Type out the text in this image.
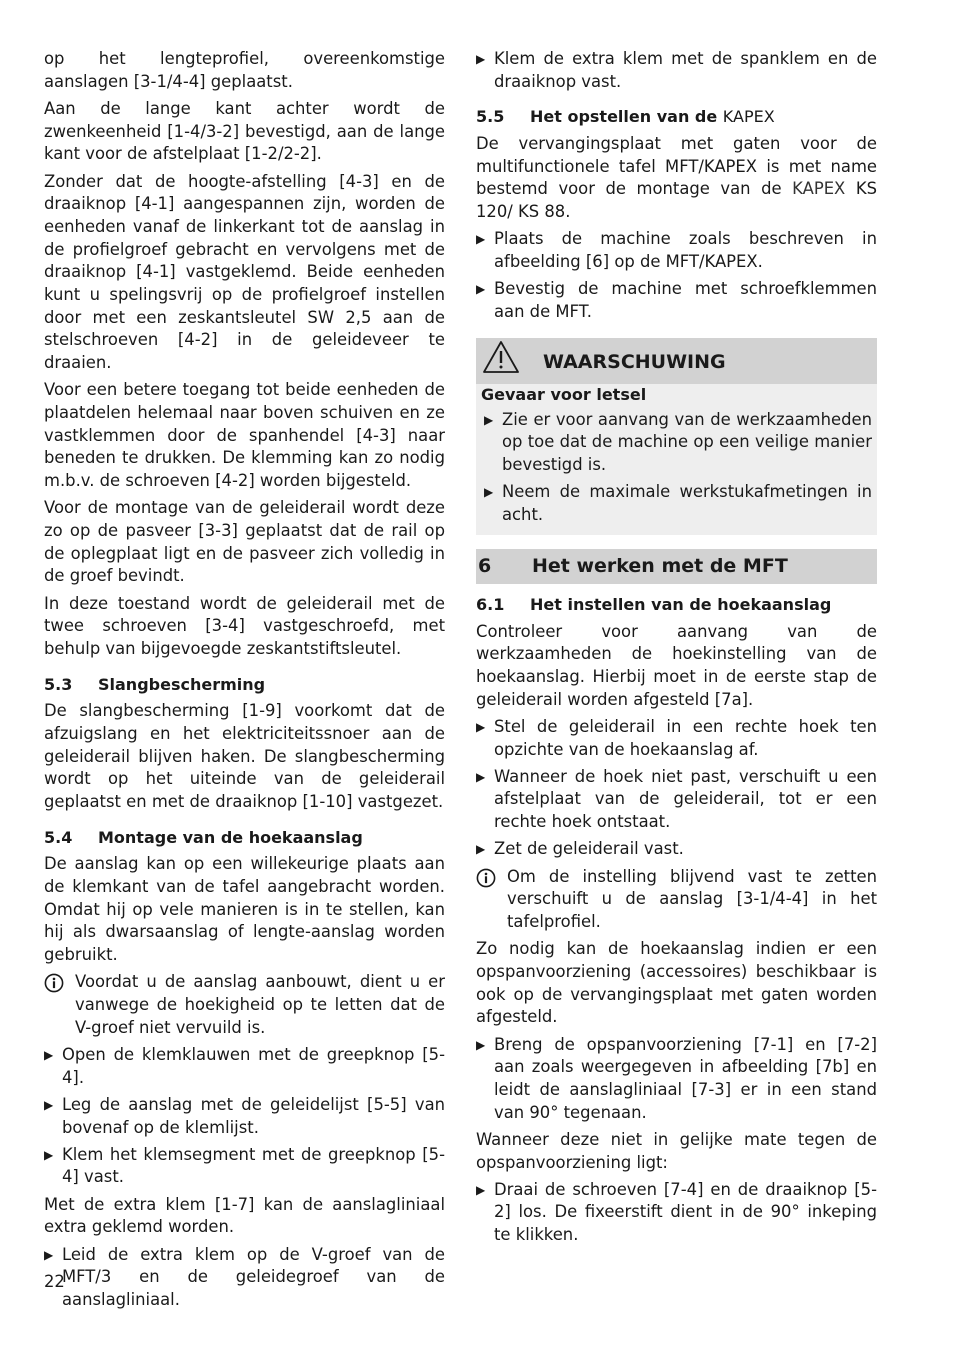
op het lengteprofiel, overeenkomstige aanslagen [3-1/4-4] geplaatst.

Aan de lange kant achter wordt de zwenkeenheid [1-4/3-2] bevestigd, aan de lange kant voor de afstelplaat [1-2/2-2].

Zonder dat de hoogte-afstelling [4-3] en de draaiknop [4-1] aangespannen zijn, worden de eenheden vanaf de linkerkant tot de aanslag in de profielgroef gebracht en vervolgens met de draaiknop [4-1] vastgeklemd. Beide eenheden kunt u spelingsvrij op de profielgroef instellen door met een zeskantsleutel SW 2,5 aan de stelschroeven [4-2] in de geleideveer te draaien.

Voor een betere toegang tot beide eenheden de plaatdelen helemaal naar boven schuiven en ze vastklemmen door de spanhendel [4-3] naar beneden te drukken. De klemming kan zo nodig m.b.v. de schroeven [4-2] worden bijgesteld.

Voor de montage van de geleiderail wordt deze zo op de pasveer [3-3] geplaatst dat de rail op de oplegplaat ligt en de pasveer zich volledig in de groef bevindt.

In deze toestand wordt de geleiderail met de twee schroeven [3-4] vastgeschroefd, met behulp van bijgevoegde zeskantstiftsleutel.

5.3	Slangbescherming

De slangbescherming [1-9] voorkomt dat de afzuigslang en het elektriciteitssnoer aan de geleiderail blijven haken. De slangbescherming wordt op het uiteinde van de geleiderail geplaatst en met de draaiknop [1-10] vastgezet.

5.4	Montage van de hoekaanslag

De aanslag kan op een willekeurige plaats aan de klemkant van de tafel aangebracht worden. Omdat hij op vele manieren is in te stellen, kan hij als dwarsaanslag of lengte-aanslag worden gebruikt.

Voordat u de aanslag aanbouwt, dient u er vanwege de hoekigheid op te letten dat de V-groef niet vervuild is.
▶ Open de klemklauwen met de greepknop [5-4].
▶ Leg de aanslag met de geleidelijst [5-5] van bovenaf op de klemlijst.
▶ Klem het klemsegment met de greepknop [5-4] vast.

Met de extra klem [1-7] kan de aanslagliniaal extra geklemd worden.

▶ Leid de extra klem op de V-groef van de MFT/3 en de geleidegroef van de aanslagliniaal.
▶ Klem de extra klem met de spanklem en de draaiknop vast.
5.5	Het opstellen van de KAPEX

De vervangingsplaat met gaten voor de multifunctionele tafel MFT/KAPEX is met name bestemd voor de montage van de KAPEX KS 120/ KS 88.

▶ Plaats de machine zoals beschreven in afbeelding [6] op de MFT/KAPEX.
▶ Bevestig de machine met schroefklemmen aan de MFT.
WAARSCHUWING
Gevaar voor letsel
▶ Zie er voor aanvang van de werkzaamheden op toe dat de machine op een veilige manier bevestigd is.
▶ Neem de maximale werkstukafmetingen in acht.
6	Het werken met de MFT
6.1	Het instellen van de hoekaanslag

Controleer voor aanvang van de werkzaamheden de hoekinstelling van de hoekaanslag. Hierbij moet in de eerste stap de geleiderail worden afgesteld [7a].

▶ Stel de geleiderail in een rechte hoek ten opzichte van de hoekaanslag af.
▶ Wanneer de hoek niet past, verschuift u een afstelplaat van de geleiderail, tot er een rechte hoek ontstaat.
▶ Zet de geleiderail vast.
Om de instelling blijvend vast te zetten verschuift u de aanslag [3-1/4-4] in het tafelprofiel.

Zo nodig kan de hoekaanslag indien er een opspanvoorziening (accessoires) beschikbaar is ook op de vervangingsplaat met gaten worden afgesteld.

▶ Breng de opspanvoorziening [7-1] en [7-2] aan zoals weergegeven in afbeelding [7b] en leidt de aanslagliniaal [7-3] er in een stand van 90° tegenaan.

Wanneer deze niet in gelijke mate tegen de opspanvoorziening ligt:

▶ Draai de schroeven [7-4] en de draaiknop [5-2] los. De fixeerstift dient in de 90° inkeping te klikken.
22
